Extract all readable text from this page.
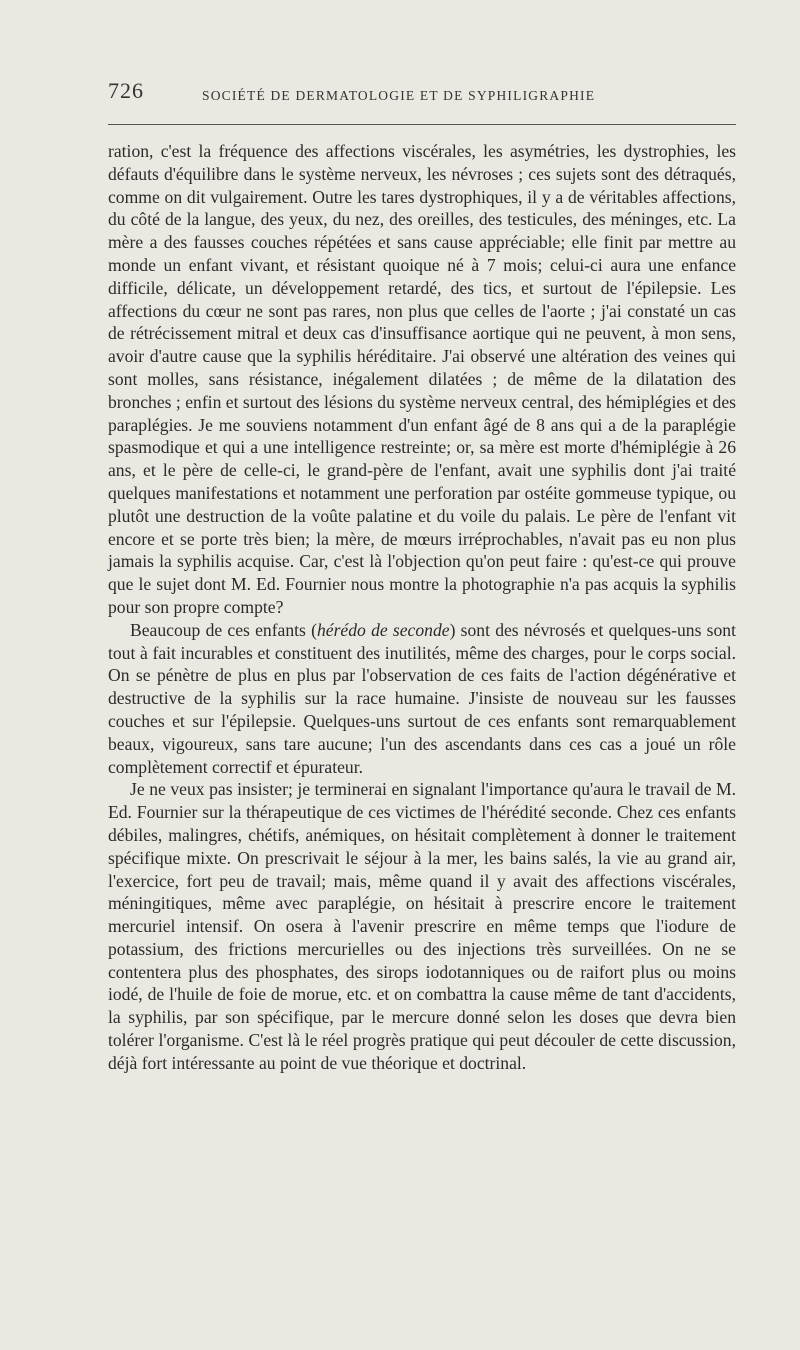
726	SOCIÉTÉ DE DERMATOLOGIE ET DE SYPHILIGRAPHIE

ration, c'est la fréquence des affections viscérales, les asymétries, les dystrophies, les défauts d'équilibre dans le système nerveux, les névroses ; ces sujets sont des détraqués, comme on dit vulgairement. Outre les tares dystrophiques, il y a de véritables affections, du côté de la langue, des yeux, du nez, des oreilles, des testicules, des méninges, etc. La mère a des fausses couches répétées et sans cause appréciable; elle finit par mettre au monde un enfant vivant, et résistant quoique né à 7 mois; celui-ci aura une enfance difficile, délicate, un développement retardé, des tics, et surtout de l'épilepsie. Les affections du cœur ne sont pas rares, non plus que celles de l'aorte ; j'ai constaté un cas de rétrécissement mitral et deux cas d'insuffisance aortique qui ne peuvent, à mon sens, avoir d'autre cause que la syphilis héréditaire. J'ai observé une altération des veines qui sont molles, sans résistance, inégalement dilatées ; de même de la dilatation des bronches ; enfin et surtout des lésions du système nerveux central, des hémiplégies et des paraplégies. Je me souviens notamment d'un enfant âgé de 8 ans qui a de la paraplégie spasmodique et qui a une intelligence restreinte; or, sa mère est morte d'hémiplégie à 26 ans, et le père de celle-ci, le grand-père de l'enfant, avait une syphilis dont j'ai traité quelques manifestations et notamment une perforation par ostéite gommeuse typique, ou plutôt une destruction de la voûte palatine et du voile du palais. Le père de l'enfant vit encore et se porte très bien; la mère, de mœurs irréprochables, n'avait pas eu non plus jamais la syphilis acquise. Car, c'est là l'objection qu'on peut faire : qu'est-ce qui prouve que le sujet dont M. Ed. Fournier nous montre la photographie n'a pas acquis la syphilis pour son propre compte?

Beaucoup de ces enfants (hérédo de seconde) sont des névrosés et quelques-uns sont tout à fait incurables et constituent des inutilités, même des charges, pour le corps social. On se pénètre de plus en plus par l'observation de ces faits de l'action dégénérative et destructive de la syphilis sur la race humaine. J'insiste de nouveau sur les fausses couches et sur l'épilepsie. Quelques-uns surtout de ces enfants sont remarquablement beaux, vigoureux, sans tare aucune; l'un des ascendants dans ces cas a joué un rôle complètement correctif et épurateur.

Je ne veux pas insister; je terminerai en signalant l'importance qu'aura le travail de M. Ed. Fournier sur la thérapeutique de ces victimes de l'hérédité seconde. Chez ces enfants débiles, malingres, chétifs, anémiques, on hésitait complètement à donner le traitement spécifique mixte. On prescrivait le séjour à la mer, les bains salés, la vie au grand air, l'exercice, fort peu de travail; mais, même quand il y avait des affections viscérales, méningitiques, même avec paraplégie, on hésitait à prescrire encore le traitement mercuriel intensif. On osera à l'avenir prescrire en même temps que l'iodure de potassium, des frictions mercurielles ou des injections très surveillées. On ne se contentera plus des phosphates, des sirops iodotanniques ou de raifort plus ou moins iodé, de l'huile de foie de morue, etc. et on combattra la cause même de tant d'accidents, la syphilis, par son spécifique, par le mercure donné selon les doses que devra bien tolérer l'organisme. C'est là le réel progrès pratique qui peut découler de cette discussion, déjà fort intéressante au point de vue théorique et doctrinal.
